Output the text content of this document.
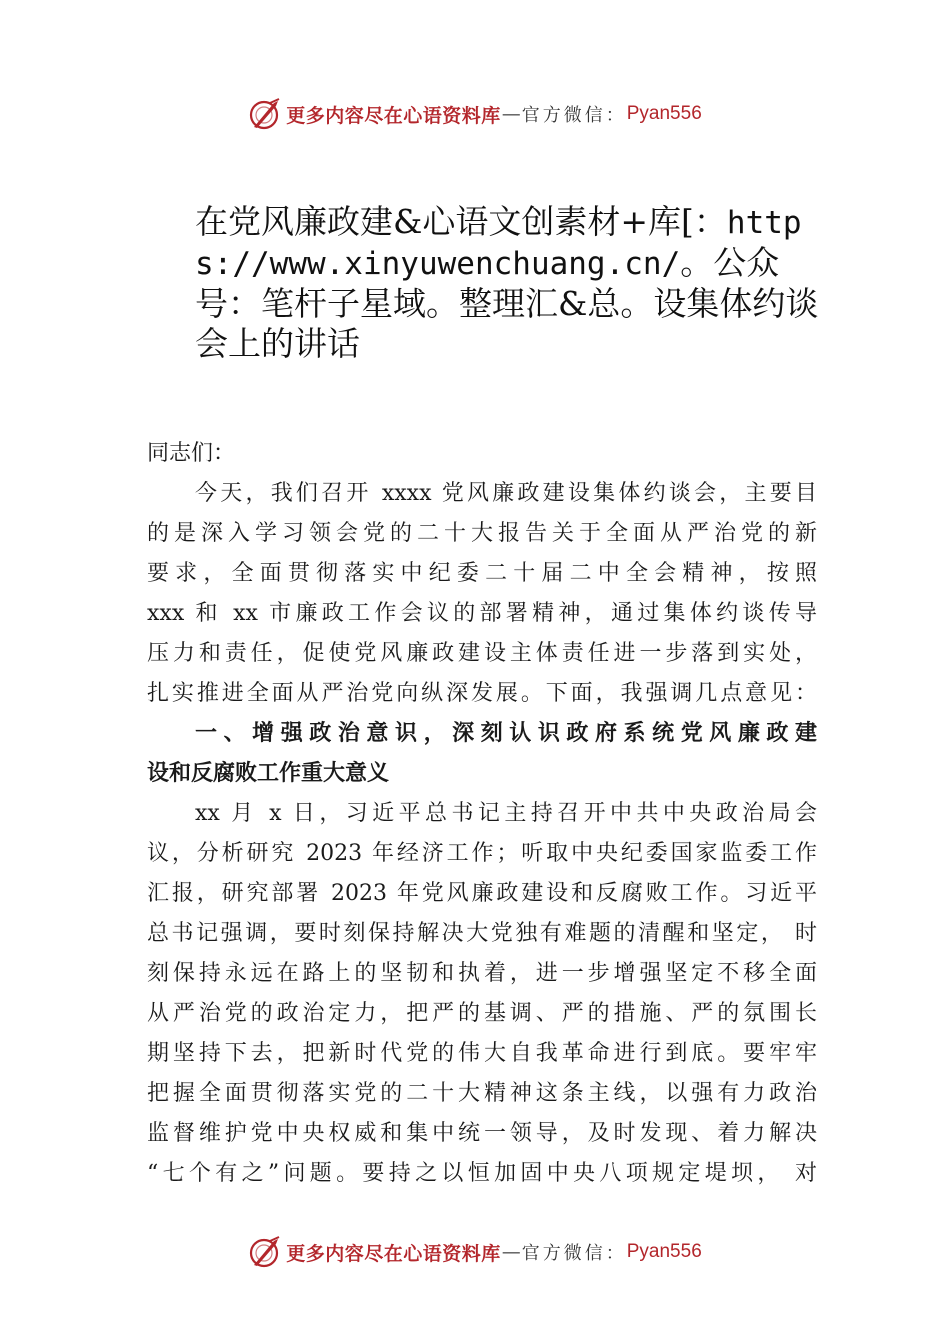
更多内容尽在心语资料库 — 官方微信： Pyan556
在党风廉政建&心语文创素材+库[：https://www.xinyuwenchuang.cn/。公众号：笔杆子星域。整理汇&总。设集体约谈会上的讲话
同志们：
今天，我们召开 xxxx 党风廉政建设集体约谈会，主要目
的是深入学习领会党的二十大报告关于全面从严治党的新
要求，全面贯彻落实中纪委二十届二中全会精神，按照
xxx 和 xx 市廉政工作会议的部署精神，通过集体约谈传导
压力和责任，促使党风廉政建设主体责任进一步落到实处，
扎实推进全面从严治党向纵深发展。下面，我强调几点意见：
一、增强政治意识，深刻认识政府系统党风廉政建
设和反腐败工作重大意义
xx 月 x 日，习近平总书记主持召开中共中央政治局会
议，分析研究 2023 年经济工作；听取中央纪委国家监委工作
汇报，研究部署 2023 年党风廉政建设和反腐败工作。习近平
总书记强调，要时刻保持解决大党独有难题的清醒和坚定， 时
刻保持永远在路上的坚韧和执着，进一步增强坚定不移全面
从严治党的政治定力，把严的基调、严的措施、严的氛围长
期坚持下去，把新时代党的伟大自我革命进行到底。要牢牢
把握全面贯彻落实党的二十大精神这条主线，以强有力政治
监督维护党中央权威和集中统一领导，及时发现、着力解决
“七个有之”问题。要持之以恒加固中央八项规定堤坝， 对
更多内容尽在心语资料库 — 官方微信： Pyan556
